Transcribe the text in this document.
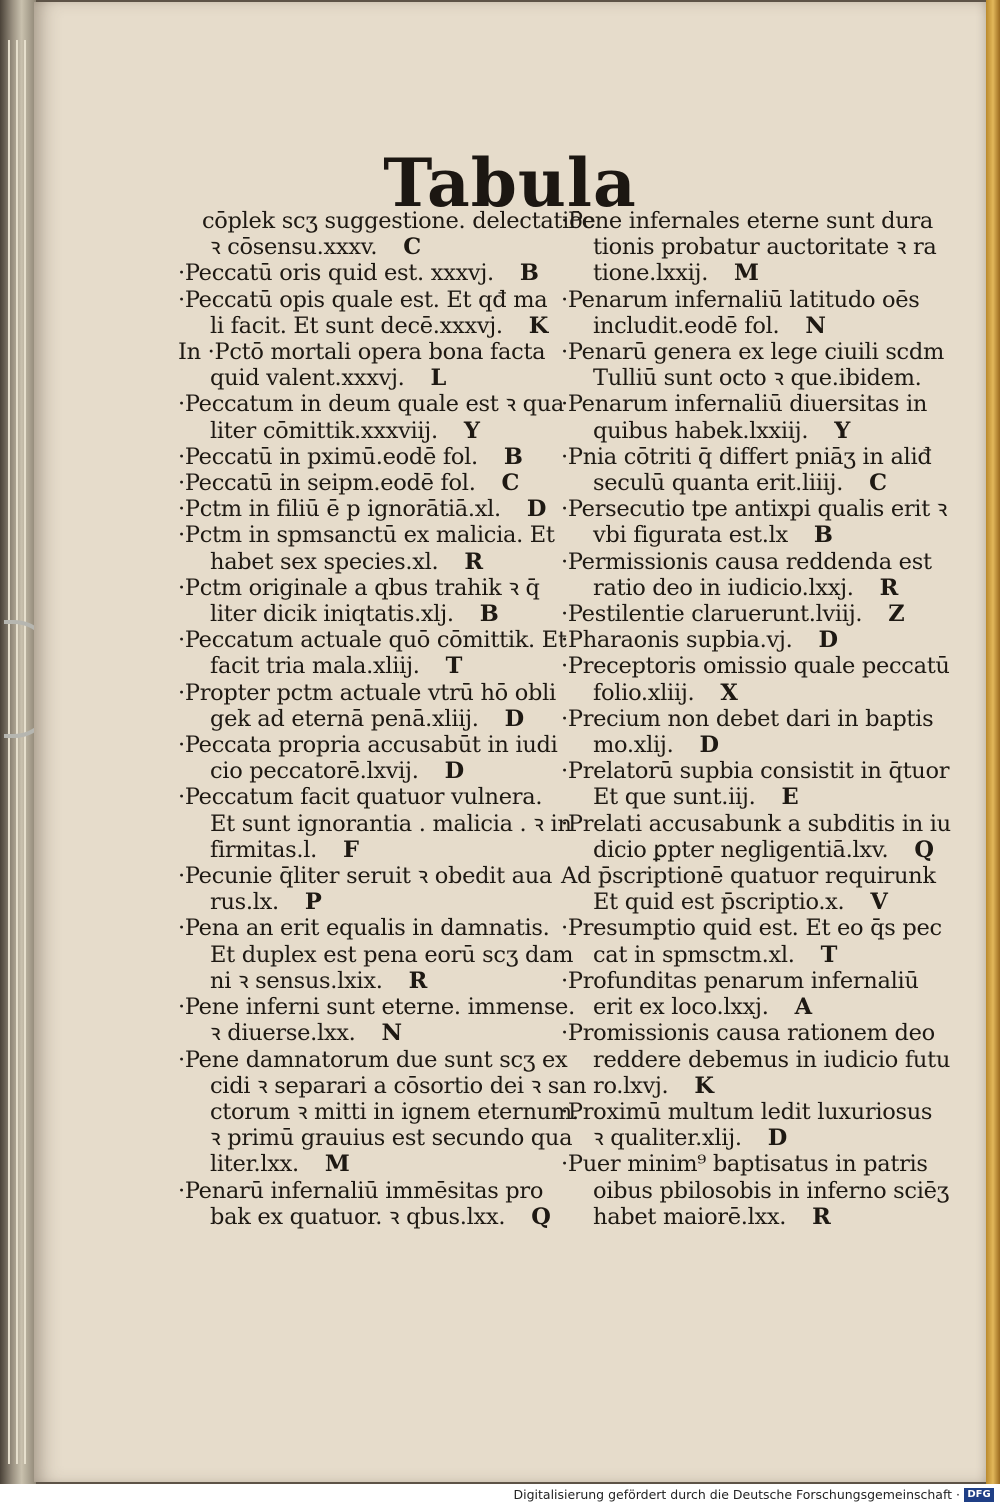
Tabula
cōplek scʒ suggestione. delectatiōe
ꝛ cōsensu.xxxv. C
·Peccatū oris quid est. xxxvj. B
·Peccatū opis quale est. Et qđ ma
li facit. Et sunt decē.xxxvj. K
In ·Pctō mortali opera bona facta
quid valent.xxxvj. L
·Peccatum in deum quale est ꝛ qua
liter cōmittik.xxxviij. Y
·Peccatū in pximū.eodē fol. B
·Peccatū in seipm.eodē fol. C
·Pctm in filiū ē p ignorātiā.xl. D
·Pctm in spmsanctū ex malicia. Et
habet sex species.xl. R
·Pctm originale a qbus trahik ꝛ q̄
liter dicik iniqtatis.xlj. B
·Peccatum actuale quō cōmittik. Et
facit tria mala.xliij. T
·Propter pctm actuale vtrū hō obli
gek ad eternā penā.xliij. D
·Peccata propria accusabūt in iudi
cio peccatorē.lxvij. D
·Peccatum facit quatuor vulnera.
Et sunt ignorantia . malicia . ꝛ in
firmitas.l. F
·Pecunie q̄liter seruit ꝛ obedit aua
rus.lx. P
·Pena an erit equalis in damnatis.
Et duplex est pena eorū scʒ dam
ni ꝛ sensus.lxix. R
·Pene inferni sunt eterne. immense.
ꝛ diuerse.lxx. N
·Pene damnatorum due sunt scʒ ex
cidi ꝛ separari a cōsortio dei ꝛ san
ctorum ꝛ mitti in ignem eternum.
ꝛ primū grauius est secundo qua
liter.lxx. M
·Penarū infernaliū immēsitas pro
bak ex quatuor. ꝛ qbus.lxx. Q
·Pene infernales eterne sunt dura
tionis probatur auctoritate ꝛ ra
tione.lxxij. M
·Penarum infernaliū latitudo oēs
includit.eodē fol. N
·Penarū genera ex lege ciuili scdm
Tulliū sunt octo ꝛ que.ibidem.
·Penarum infernaliū diuersitas in
quibus habek.lxxiij. Y
·Pnia cōtriti q̄ differt pniāʒ in aliđ
seculū quanta erit.liiij. C
·Persecutio tpe antixpi qualis erit ꝛ
vbi figurata est.lx B
·Permissionis causa reddenda est
ratio deo in iudicio.lxxj. R
·Pestilentie claruerunt.lviij. Z
·Pharaonis supbia.vj. D
·Preceptoris omissio quale peccatū
folio.xliij. X
·Precium non debet dari in baptis
mo.xlij. D
·Prelatorū supbia consistit in q̄tuor
Et que sunt.iij. E
·Prelati accusabunk a subditis in iu
dicio ꝑpter negligentiā.lxv. Q
Ad p̄scriptionē quatuor requirunk
Et quid est p̄scriptio.x. V
·Presumptio quid est. Et eo q̄s pec
cat in spmsctm.xl. T
·Profunditas penarum infernaliū
erit ex loco.lxxj. A
·Promissionis causa rationem deo
reddere debemus in iudicio futu
ro.lxvj. K
·Proximū multum ledit luxuriosus
ꝛ qualiter.xlij. D
·Puer minim⁹ baptisatus in patris
oibus pbilosobis in inferno sciēʒ
habet maiorē.lxx. R
Digitalisierung gefördert durch die Deutsche Forschungsgemeinschaft · DFG
